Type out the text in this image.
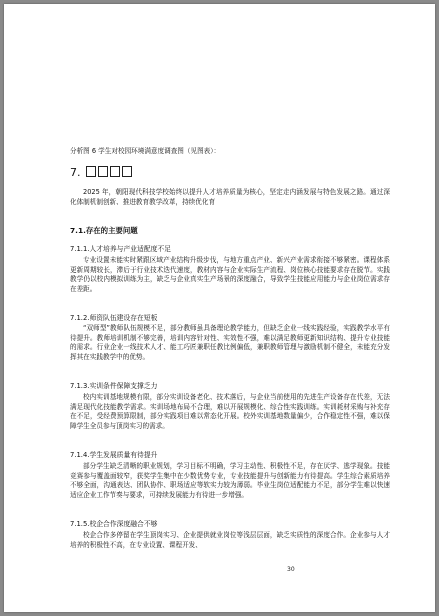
分析图 6 学生对校园环境满意度调查图（见图表）：

7.

2025 年，朝阳现代科技学校始终以提升人才培养质量为核心，坚定走内涵发展与特色发展之路。通过深化体制机制创新、推进教育教学改革，持续优化育

7.1.存在的主要问题

7.1.1.人才培养与产业适配度不足

专业设置未能实时紧跟区域产业结构升级步伐，与地方重点产业、新兴产业需求衔接不够紧密。课程体系更新周期较长，滞后于行业技术迭代速度，教材内容与企业实际生产流程、岗位核心技能要求存在脱节。实践教学仍以校内模拟训练为主，缺乏与企业真实生产场景的深度融合，导致学生技能应用能力与企业岗位需求存在差距。

7.1.2.师资队伍建设存在短板

“双师型”教师队伍规模不足，部分教师虽具备理论教学能力，但缺乏企业一线实践经验，实践教学水平有待提升。教师培训机制不够完善，培训内容针对性、实效性不强，难以满足教师更新知识结构、提升专业技能的需求。行业企业一线技术人才、能工巧匠兼职任教比例偏低，兼职教师管理与激励机制不健全，未能充分发挥其在实践教学中的优势。

7.1.3.实训条件保障支撑乏力

校内实训基地规模有限，部分实训设备老化、技术落后，与企业当前使用的先进生产设备存在代差，无法满足现代化技能教学需求。实训场地布局不合理，难以开展规模化、综合性实践训练。实训耗材采购与补充存在不足，受经费预算限制，部分实践项目难以常态化开展。校外实训基地数量偏少，合作稳定性不强，难以保障学生全员参与顶岗实习的需求。

7.1.4.学生发展质量有待提升

部分学生缺乏清晰的职业规划，学习目标不明确，学习主动性、积极性不足，存在厌学、逃学现象。技能竞赛参与覆盖面较窄，获奖学生集中在少数优势专业，专业技能提升与创新能力有待提高。学生综合素质培养不够全面，沟通表达、团队协作、职场适应等软实力较为薄弱。毕业生岗位适配能力不足，部分学生难以快速适应企业工作节奏与要求，可持续发展能力有待进一步增强。

7.1.5.校企合作深度融合不够

校企合作多停留在学生顶岗实习、企业提供就业岗位等浅层层面，缺乏实质性的深度合作。企业参与人才培养的积极性不高，在专业设置、课程开发、

30
